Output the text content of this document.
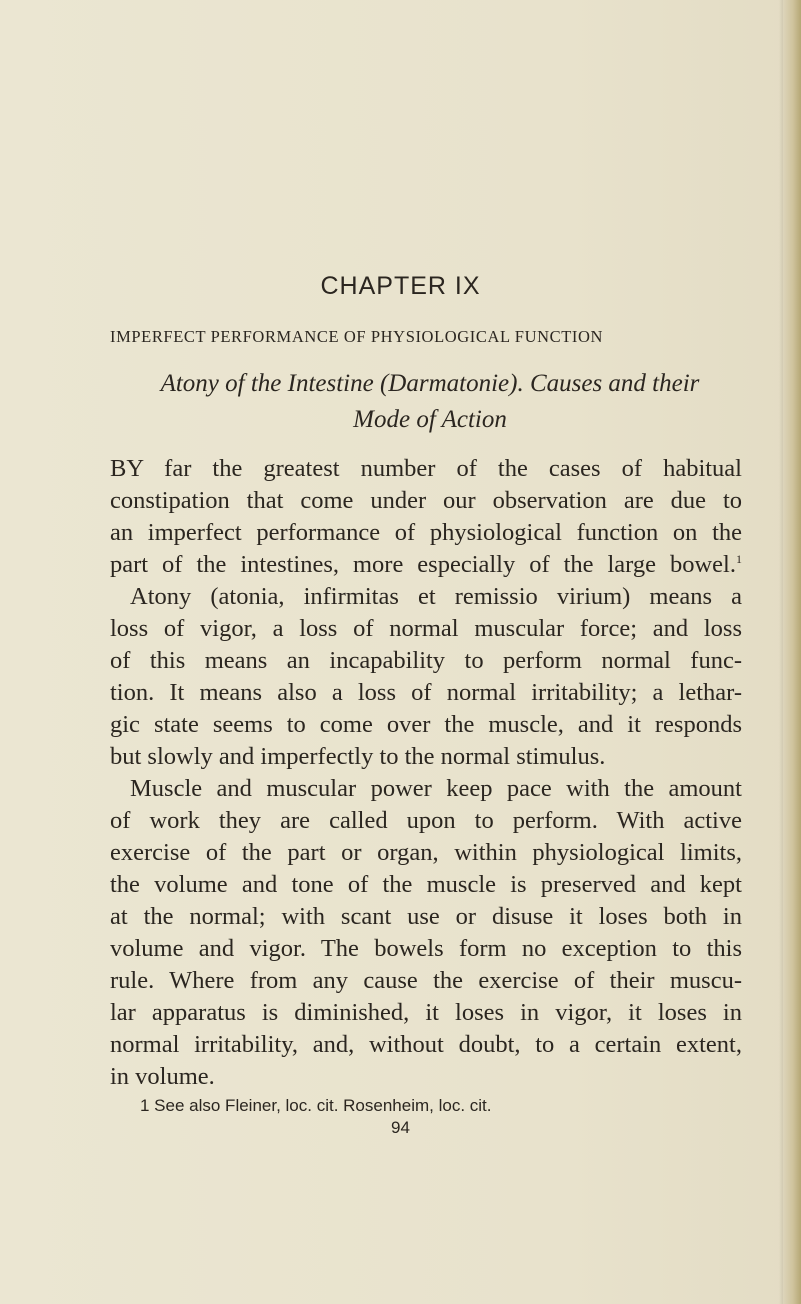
CHAPTER IX
IMPERFECT PERFORMANCE OF PHYSIOLOGICAL FUNCTION
Atony of the Intestine (Darmatonie). Causes and their
Mode of Action
BY far the greatest number of the cases of habitual
constipation that come under our observation are due to
an imperfect performance of physiological function on the
part of the intestines, more especially of the large bowel.$^1$
Atony (atonia, infirmitas et remissio virium) means a
loss of vigor, a loss of normal muscular force; and loss
of this means an incapability to perform normal func-
tion. It means also a loss of normal irritability; a lethar-
gic state seems to come over the muscle, and it responds
but slowly and imperfectly to the normal stimulus.
Muscle and muscular power keep pace with the amount
of work they are called upon to perform. With active
exercise of the part or organ, within physiological limits,
the volume and tone of the muscle is preserved and kept
at the normal; with scant use or disuse it loses both in
volume and vigor. The bowels form no exception to this
rule. Where from any cause the exercise of their muscu-
lar apparatus is diminished, it loses in vigor, it loses in
normal irritability, and, without doubt, to a certain extent,
in volume.
1 See also Fleiner, loc. cit. Rosenheim, loc. cit.
94
